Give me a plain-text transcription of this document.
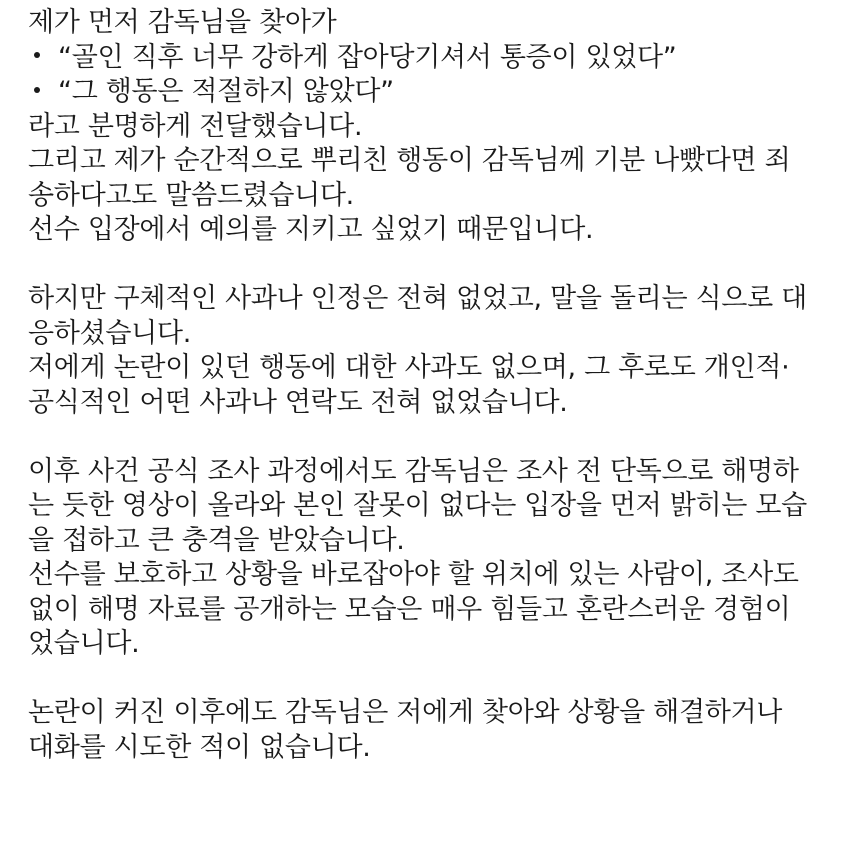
제가 먼저 감독님을 찾아가
“골인 직후 너무 강하게 잡아당기셔서 통증이 있었다”
“그 행동은 적절하지 않았다”
라고 분명하게 전달했습니다.
그리고 제가 순간적으로 뿌리친 행동이 감독님께 기분 나빴다면 죄
송하다고도 말씀드렸습니다.
선수 입장에서 예의를 지키고 싶었기 때문입니다.
하지만 구체적인 사과나 인정은 전혀 없었고, 말을 돌리는 식으로 대
응하셨습니다.
저에게 논란이 있던 행동에 대한 사과도 없으며, 그 후로도 개인적·
공식적인 어떤 사과나 연락도 전혀 없었습니다.
이후 사건 공식 조사 과정에서도 감독님은 조사 전 단독으로 해명하
는 듯한 영상이 올라와 본인 잘못이 없다는 입장을 먼저 밝히는 모습
을 접하고 큰 충격을 받았습니다.
선수를 보호하고 상황을 바로잡아야 할 위치에 있는 사람이, 조사도
없이 해명 자료를 공개하는 모습은 매우 힘들고 혼란스러운 경험이
었습니다.
논란이 커진 이후에도 감독님은 저에게 찾아와 상황을 해결하거나
대화를 시도한 적이 없습니다.
